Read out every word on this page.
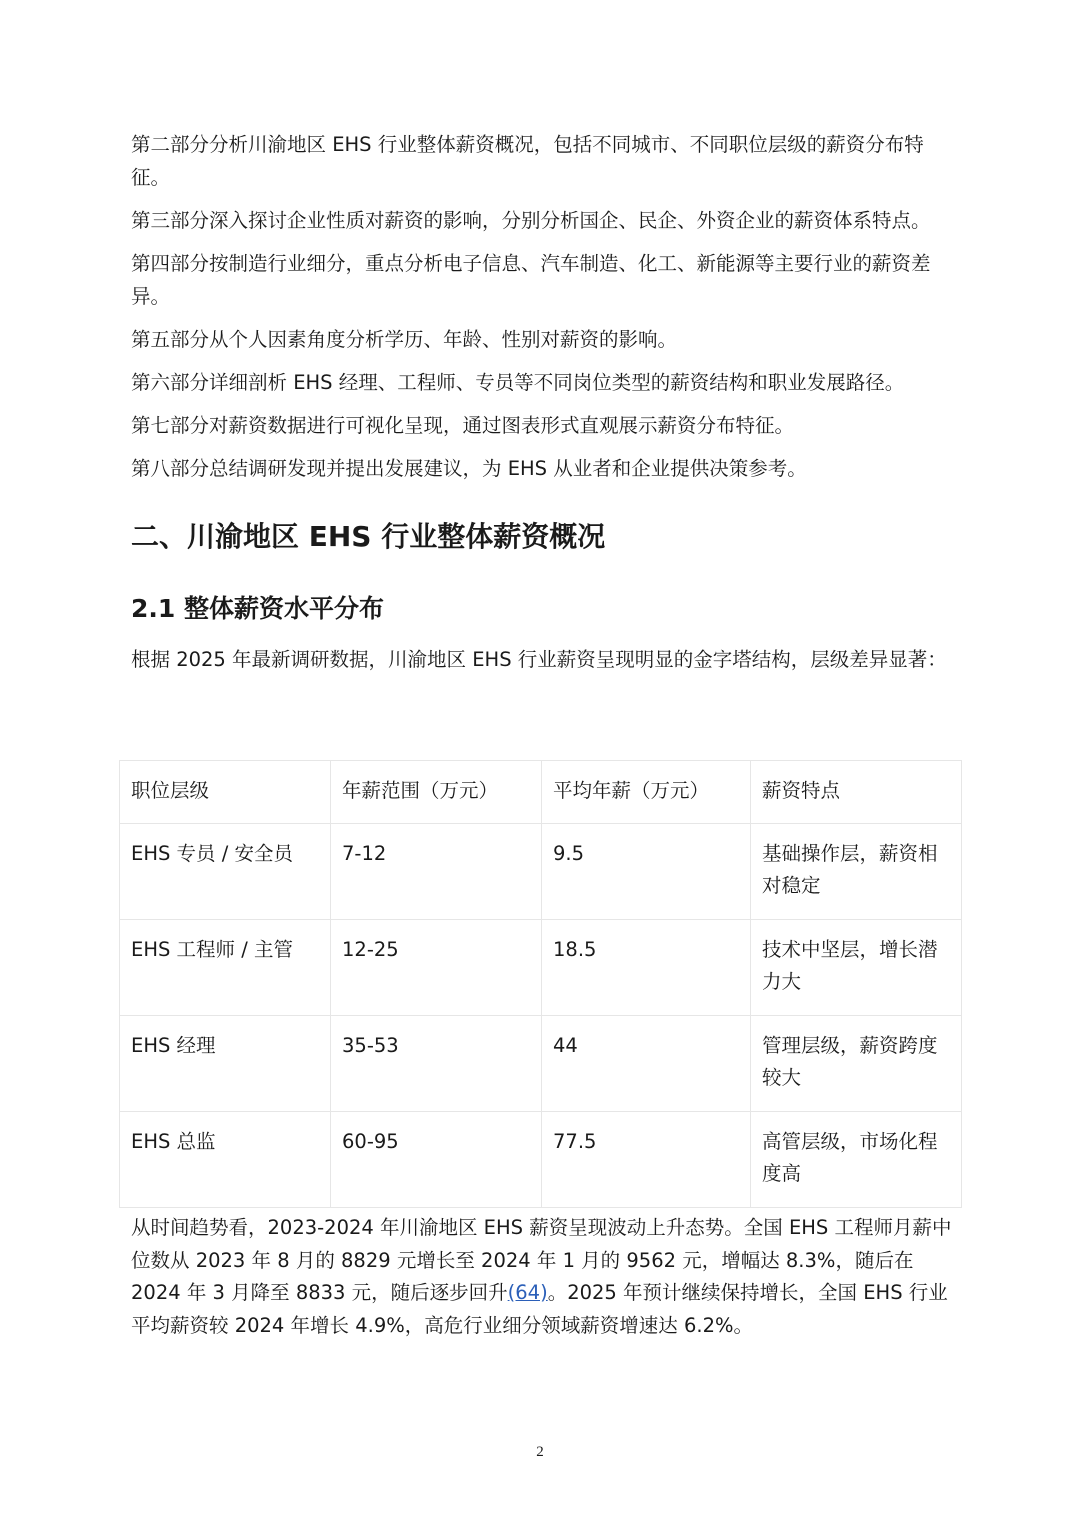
第二部分分析川渝地区 EHS 行业整体薪资概况，包括不同城市、不同职位层级的薪资分布特征。

第三部分深入探讨企业性质对薪资的影响，分别分析国企、民企、外资企业的薪资体系特点。

第四部分按制造行业细分，重点分析电子信息、汽车制造、化工、新能源等主要行业的薪资差异。

第五部分从个人因素角度分析学历、年龄、性别对薪资的影响。

第六部分详细剖析 EHS 经理、工程师、专员等不同岗位类型的薪资结构和职业发展路径。

第七部分对薪资数据进行可视化呈现，通过图表形式直观展示薪资分布特征。

第八部分总结调研发现并提出发展建议，为 EHS 从业者和企业提供决策参考。

二、川渝地区 EHS 行业整体薪资概况
2.1 整体薪资水平分布

根据 2025 年最新调研数据，川渝地区 EHS 行业薪资呈现明显的金字塔结构，层级差异显著：

职位层级	年薪范围（万元）	平均年薪（万元）	薪资特点
EHS 专员 / 安全员	7-12	9.5	基础操作层，薪资相对稳定
EHS 工程师 / 主管	12-25	18.5	技术中坚层，增长潜力大
EHS 经理	35-53	44	管理层级，薪资跨度较大
EHS 总监	60-95	77.5	高管层级，市场化程度高

从时间趋势看，2023-2024 年川渝地区 EHS 薪资呈现波动上升态势。全国 EHS 工程师月薪中位数从 2023 年 8 月的 8829 元增长至 2024 年 1 月的 9562 元，增幅达 8.3%，随后在 2024 年 3 月降至 8833 元，随后逐步回升(64)。2025 年预计继续保持增长，全国 EHS 行业平均薪资较 2024 年增长 4.9%，高危行业细分领域薪资增速达 6.2%。

2
